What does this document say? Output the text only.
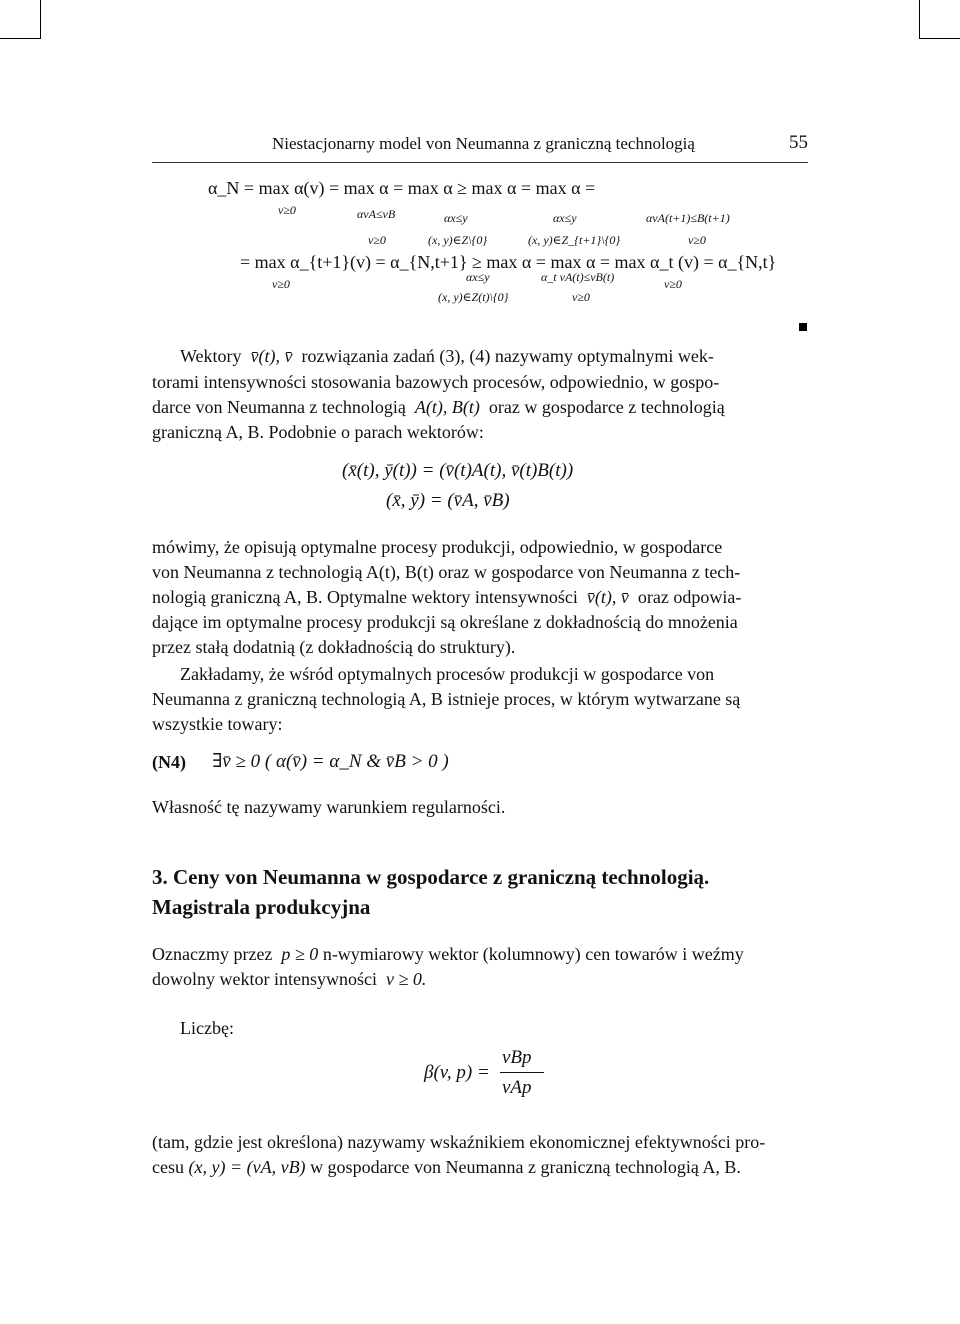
Niestacjonarny model von Neumanna z graniczną technologią	55
α_N = max α(v) = max α = max α ≥ max α = max α =
v≥0	αvA≤vB	αx≤y	αx≤y	αvA(t+1)≤B(t+1)
v≥0	(x, y)∈Z\{0}	(x, y)∈Z_{t+1}\{0}	v≥0
= max α_{t+1}(v) = α_{N,t+1} ≥ max α = max α = max α_t (v) = α_{N,t}
v≥0	αx≤y	α_t vA(t)≤vB(t)	v≥0
(x, y)∈Z(t)\{0}	v≥0
Wektory v̄(t), v̄ rozwiązania zadań (3), (4) nazywamy optymalnymi wek-
torami intensywności stosowania bazowych procesów, odpowiednio, w gospo-
darce von Neumanna z technologią A(t), B(t) oraz w gospodarce z technologią
graniczną A, B. Podobnie o parach wektorów:
(x̄(t), ȳ(t)) = (v̄(t)A(t), v̄(t)B(t))
(x̄, ȳ) = (v̄A, v̄B)
mówimy, że opisują optymalne procesy produkcji, odpowiednio, w gospodarce
von Neumanna z technologią A(t), B(t) oraz w gospodarce von Neumanna z tech-
nologią graniczną A, B. Optymalne wektory intensywności v̄(t), v̄ oraz odpowia-
dające im optymalne procesy produkcji są określane z dokładnością do mnożenia
przez stałą dodatnią (z dokładnością do struktury).
Zakładamy, że wśród optymalnych procesów produkcji w gospodarce von
Neumanna z graniczną technologią A, B istnieje proces, w którym wytwarzane są
wszystkie towary:
(N4) ∃v̄ ≥ 0 ( α(v̄) = α_N & v̄B > 0 )
Własność tę nazywamy warunkiem regularności.
3. Ceny von Neumanna w gospodarce z graniczną technologią.
Magistrala produkcyjna
Oznaczmy przez p ≥ 0 n-wymiarowy wektor (kolumnowy) cen towarów i weźmy
dowolny wektor intensywności v ≥ 0.
Liczbę:
β(v, p) =
vBp
vAp
(tam, gdzie jest określona) nazywamy wskaźnikiem ekonomicznej efektywności pro-
cesu (x, y) = (vA, vB) w gospodarce von Neumanna z graniczną technologią A, B.
